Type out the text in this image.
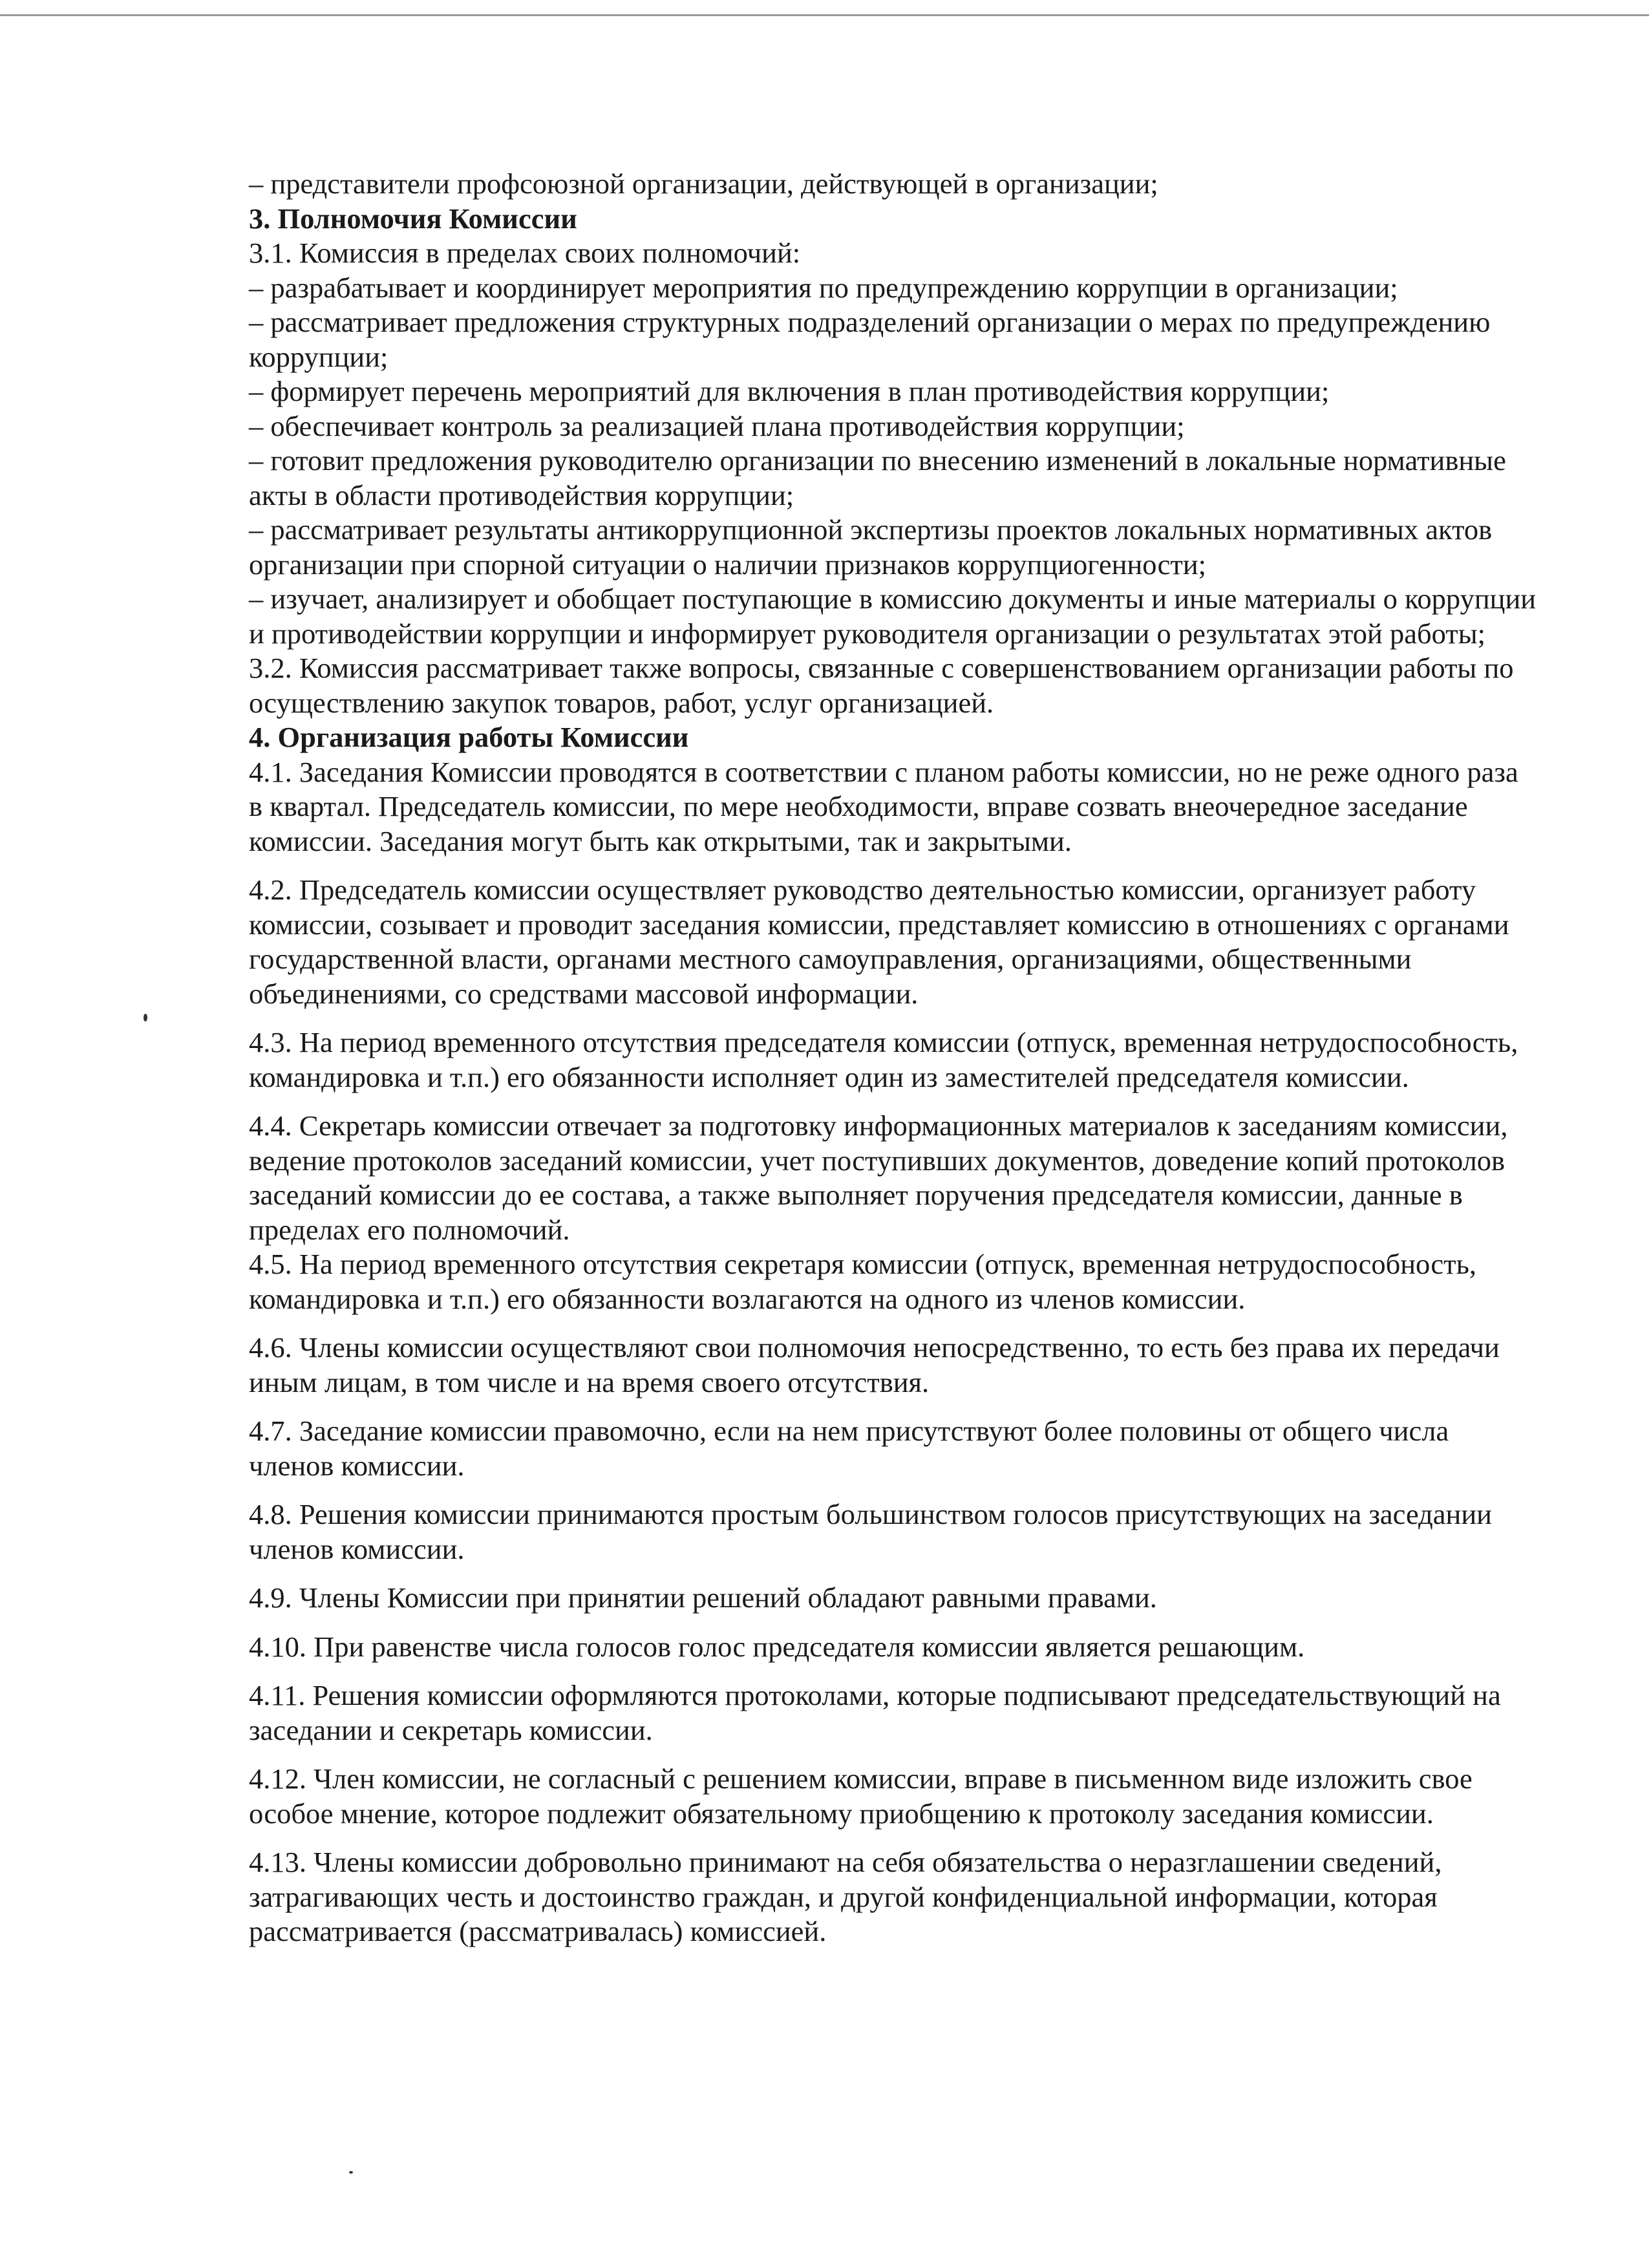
– представители профсоюзной организации, действующей в организации;

3. Полномочия Комиссии

3.1. Комиссия в пределах своих полномочий:

– разрабатывает и координирует мероприятия по предупреждению коррупции в организации;

– рассматривает предложения структурных подразделений организации о мерах по предупреждению коррупции;

– формирует перечень мероприятий для включения в план противодействия коррупции;

– обеспечивает контроль за реализацией плана противодействия коррупции;

– готовит предложения руководителю организации по внесению изменений в локальные нормативные акты в области противодействия коррупции;

– рассматривает результаты антикоррупционной экспертизы проектов локальных нормативных актов организации при спорной ситуации о наличии признаков коррупциогенности;

– изучает, анализирует и обобщает поступающие в комиссию документы и иные материалы о коррупции и противодействии коррупции и информирует руководителя организации о результатах этой работы;

3.2. Комиссия рассматривает также вопросы, связанные с совершенствованием организации работы по осуществлению закупок товаров, работ, услуг организацией.

4. Организация работы Комиссии

4.1. Заседания Комиссии проводятся в соответствии с планом работы комиссии, но не реже одного раза в квартал. Председатель комиссии, по мере необходимости, вправе созвать внеочередное заседание комиссии. Заседания могут быть как открытыми, так и закрытыми.

4.2. Председатель комиссии осуществляет руководство деятельностью комиссии, организует работу комиссии, созывает и проводит заседания комиссии, представляет комиссию в отношениях с органами государственной власти, органами местного самоуправления, организациями, общественными объединениями, со средствами массовой информации.

4.3. На период временного отсутствия председателя комиссии (отпуск, временная нетрудоспособность, командировка и т.п.) его обязанности исполняет один из заместителей председателя комиссии.

4.4. Секретарь комиссии отвечает за подготовку информационных материалов к заседаниям комиссии, ведение протоколов заседаний комиссии, учет поступивших документов, доведение копий протоколов заседаний комиссии до ее состава, а также выполняет поручения председателя комиссии, данные в пределах его полномочий.

4.5. На период временного отсутствия секретаря комиссии (отпуск, временная нетрудоспособность, командировка и т.п.) его обязанности возлагаются на одного из членов комиссии.

4.6. Члены комиссии осуществляют свои полномочия непосредственно, то есть без права их передачи иным лицам, в том числе и на время своего отсутствия.

4.7. Заседание комиссии правомочно, если на нем присутствуют более половины от общего числа членов комиссии.

4.8. Решения комиссии принимаются простым большинством голосов присутствующих на заседании членов комиссии.

4.9. Члены Комиссии при принятии решений обладают равными правами.

4.10. При равенстве числа голосов голос председателя комиссии является решающим.

4.11. Решения комиссии оформляются протоколами, которые подписывают председательствующий на заседании и секретарь комиссии.

4.12. Член комиссии, не согласный с решением комиссии, вправе в письменном виде изложить свое особое мнение, которое подлежит обязательному приобщению к протоколу заседания комиссии.

4.13. Члены комиссии добровольно принимают на себя обязательства о неразглашении сведений, затрагивающих честь и достоинство граждан, и другой конфиденциальной информации, которая рассматривается (рассматривалась) комиссией.
